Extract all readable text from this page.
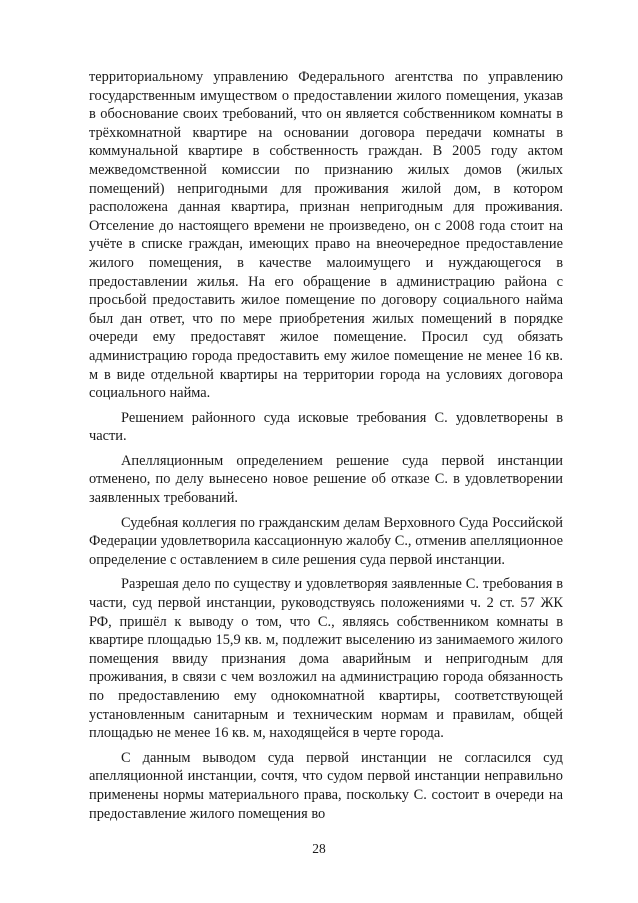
территориальному управлению Федерального агентства по управлению государственным имуществом о предоставлении жилого помещения, указав в обоснование своих требований, что он является собственником комнаты в трёхкомнатной квартире на основании договора передачи комнаты в коммунальной квартире в собственность граждан. В 2005 году актом межведомственной комиссии по признанию жилых домов (жилых помещений) непригодными для проживания жилой дом, в котором расположена данная квартира, признан непригодным для проживания. Отселение до настоящего времени не произведено, он с 2008 года стоит на учёте в списке граждан, имеющих право на внеочередное предоставление жилого помещения, в качестве малоимущего и нуждающегося в предоставлении жилья. На его обращение в администрацию района с просьбой предоставить жилое помещение по договору социального найма был дан ответ, что по мере приобретения жилых помещений в порядке очереди ему предоставят жилое помещение. Просил суд обязать администрацию города предоставить ему жилое помещение не менее 16 кв. м в виде отдельной квартиры на территории города на условиях договора социального найма.

Решением районного суда исковые требования С. удовлетворены в части.

Апелляционным определением решение суда первой инстанции отменено, по делу вынесено новое решение об отказе С. в удовлетворении заявленных требований.

Судебная коллегия по гражданским делам Верховного Суда Российской Федерации удовлетворила кассационную жалобу С., отменив апелляционное определение с оставлением в силе решения суда первой инстанции.

Разрешая дело по существу и удовлетворяя заявленные С. требования в части, суд первой инстанции, руководствуясь положениями ч. 2 ст. 57 ЖК РФ, пришёл к выводу о том, что С., являясь собственником комнаты в квартире площадью 15,9 кв. м, подлежит выселению из занимаемого жилого помещения ввиду признания дома аварийным и непригодным для проживания, в связи с чем возложил на администрацию города обязанность по предоставлению ему однокомнатной квартиры, соответствующей установленным санитарным и техническим нормам и правилам, общей площадью не менее 16 кв. м, находящейся в черте города.

С данным выводом суда первой инстанции не согласился суд апелляционной инстанции, сочтя, что судом первой инстанции неправильно применены нормы материального права, поскольку С. состоит в очереди на предоставление жилого помещения во

28
